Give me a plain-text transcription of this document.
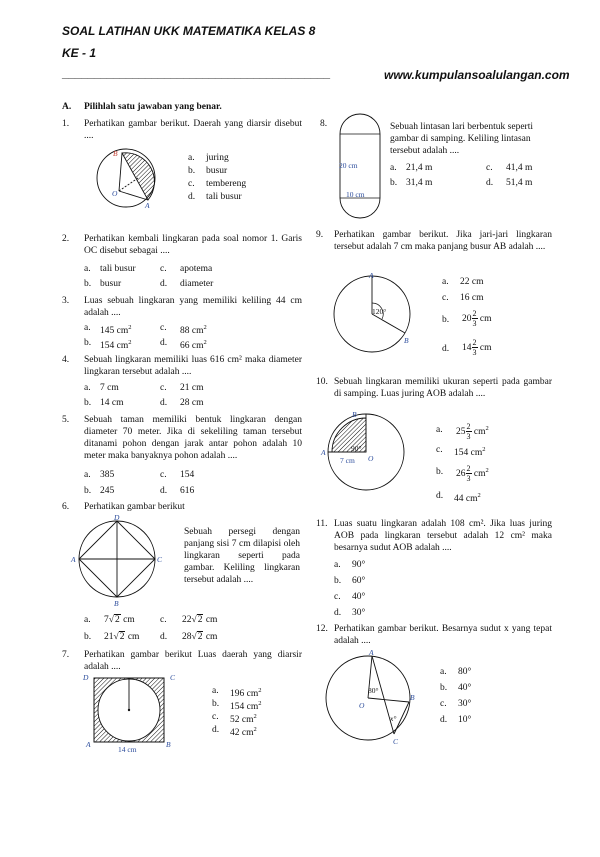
SOAL LATIHAN UKK MATEMATIKA KELAS 8
KE - 1
__________________________________________	www.kumpulansoalulangan.com
A. Pilihlah satu jawaban yang benar.
1. Perhatikan gambar berikut. Daerah yang diarsir disebut ....
B
O
A
a. juring
b. busur
c. tembereng
d. tali busur
2. Perhatikan kembali lingkaran pada soal nomor 1. Garis OC disebut sebagai ....
a. tali busur	c. apotema
b. busur	d. diameter
3. Luas sebuah lingkaran yang memiliki keliling 44 cm adalah ....
a. 145 $cm^2$	c. 88 $cm^2$
b. 154 $cm^2$	d. 66 $cm^2$
4. Sebuah lingkaran memiliki luas 616 cm² maka diameter lingkaran tersebut adalah ....
a. 7 cm	c. 21 cm
b. 14 cm	d. 28 cm
5. Sebuah taman memiliki bentuk lingkaran dengan diameter 70 meter. Jika di sekeliling taman tersebut ditanami pohon dengan jarak antar pohon adalah 10 meter maka banyaknya pohon adalah ....
a. 385	c. 154
b. 245	d. 616
6. Perhatikan gambar berikut
D
A	C
B
Sebuah persegi dengan panjang sisi 7 cm dilapisi oleh lingkaran seperti pada gambar. Keliling lingkaran tersebut adalah ....
a. 7√2 cm	c. 22√2 cm
b. 21√2 cm d. 28√2 cm
7. Perhatikan gambar berikut Luas daerah yang diarsir adalah ....
D	C
A	B
14 cm
a. 196 $cm^2$
b. 154 $cm^2$
c. 52 $cm^2$
d. 42 $cm^2$
8.
20 cm
10 cm
Sebuah lintasan lari berbentuk seperti gambar di samping. Keliling lintasan tersebut adalah ....
a. 21,4 m	c. 41,4 m
b. 31,4 m	d. 51,4 m
9. Perhatikan gambar berikut. Jika jari-jari lingkaran tersebut adalah 7 cm maka panjang busur AB adalah ....
A
B
120°
a. 22 cm
c. 16 cm
b. $20 \frac{2}{3}$ cm
d. $14 \frac{2}{3}$ cm
10. Sebuah lingkaran memiliki ukuran seperti pada gambar di samping. Luas juring AOB adalah ....
B
A
O
90°
7 cm
a. $25 \frac{2}{3} cm^2$
c. 154 $cm^2$
b. $26 \frac{2}{3} cm^2$
d. 44 $cm^2$
11. Luas suatu lingkaran adalah 108 cm². Jika luas juring AOB pada lingkaran tersebut adalah 12 cm² maka besarnya sudut AOB adalah ....
a. 90°
b. 60°
c. 40°
d. 30°
12. Perhatikan gambar berikut. Besarnya sudut x yang tepat adalah ....
A
B
C
O
80°
x°
a. 80°
b. 40°
c. 30°
d. 10°
